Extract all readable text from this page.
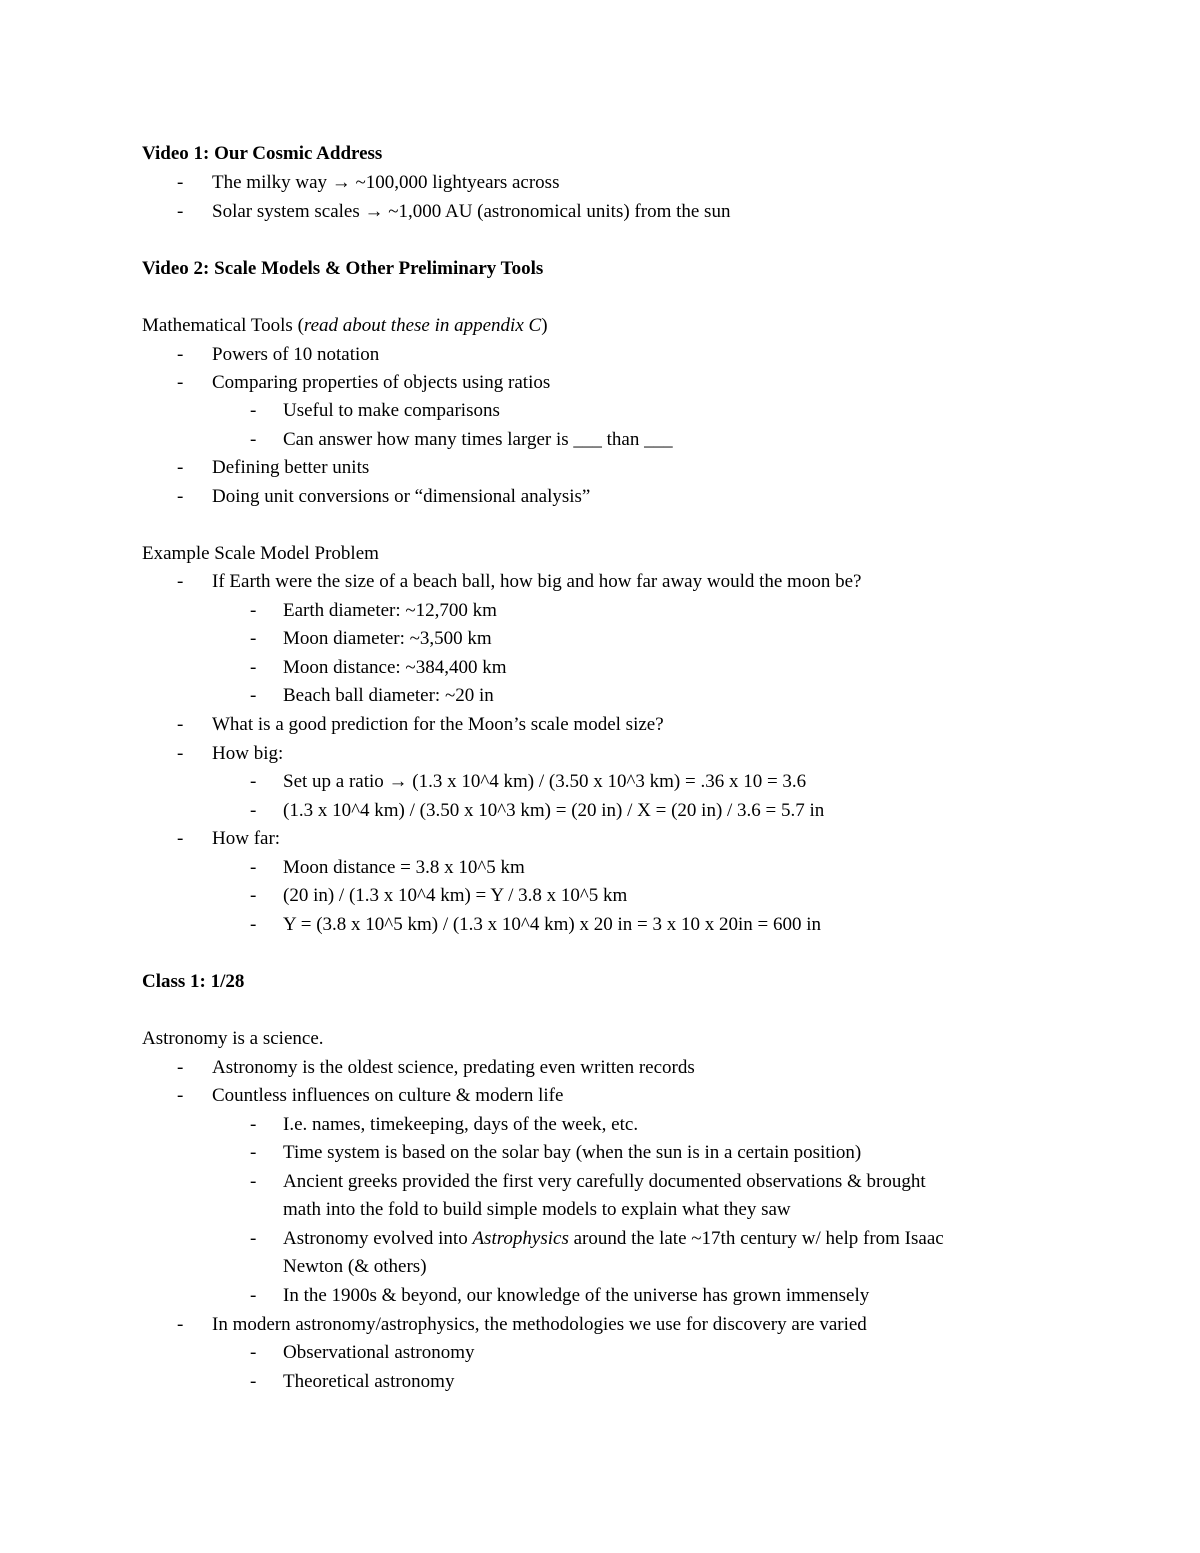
Video 1: Our Cosmic Address
- The milky way → ~100,000 lightyears across
- Solar system scales → ~1,000 AU (astronomical units) from the sun
Video 2: Scale Models & Other Preliminary Tools
Mathematical Tools (read about these in appendix C)
- Powers of 10 notation
- Comparing properties of objects using ratios
- Useful to make comparisons
- Can answer how many times larger is ___ than ___
- Defining better units
- Doing unit conversions or “dimensional analysis”
Example Scale Model Problem
- If Earth were the size of a beach ball, how big and how far away would the moon be?
- Earth diameter: ~12,700 km
- Moon diameter: ~3,500 km
- Moon distance: ~384,400 km
- Beach ball diameter: ~20 in
- What is a good prediction for the Moon’s scale model size?
- How big:
- Set up a ratio → (1.3 x 10^4 km) / (3.50 x 10^3 km) = .36 x 10 = 3.6
- (1.3 x 10^4 km) / (3.50 x 10^3 km) = (20 in) / X = (20 in) / 3.6 = 5.7 in
- How far:
- Moon distance = 3.8 x 10^5 km
- (20 in) / (1.3 x 10^4 km) = Y / 3.8 x 10^5 km
- Y = (3.8 x 10^5 km) / (1.3 x 10^4 km) x 20 in = 3 x 10 x 20in = 600 in
Class 1: 1/28
Astronomy is a science.
- Astronomy is the oldest science, predating even written records
- Countless influences on culture & modern life
- I.e. names, timekeeping, days of the week, etc.
- Time system is based on the solar bay (when the sun is in a certain position)
- Ancient greeks provided the first very carefully documented observations & brought
math into the fold to build simple models to explain what they saw
- Astronomy evolved into Astrophysics around the late ~17th century w/ help from Isaac
Newton (& others)
- In the 1900s & beyond, our knowledge of the universe has grown immensely
- In modern astronomy/astrophysics, the methodologies we use for discovery are varied
- Observational astronomy
- Theoretical astronomy
